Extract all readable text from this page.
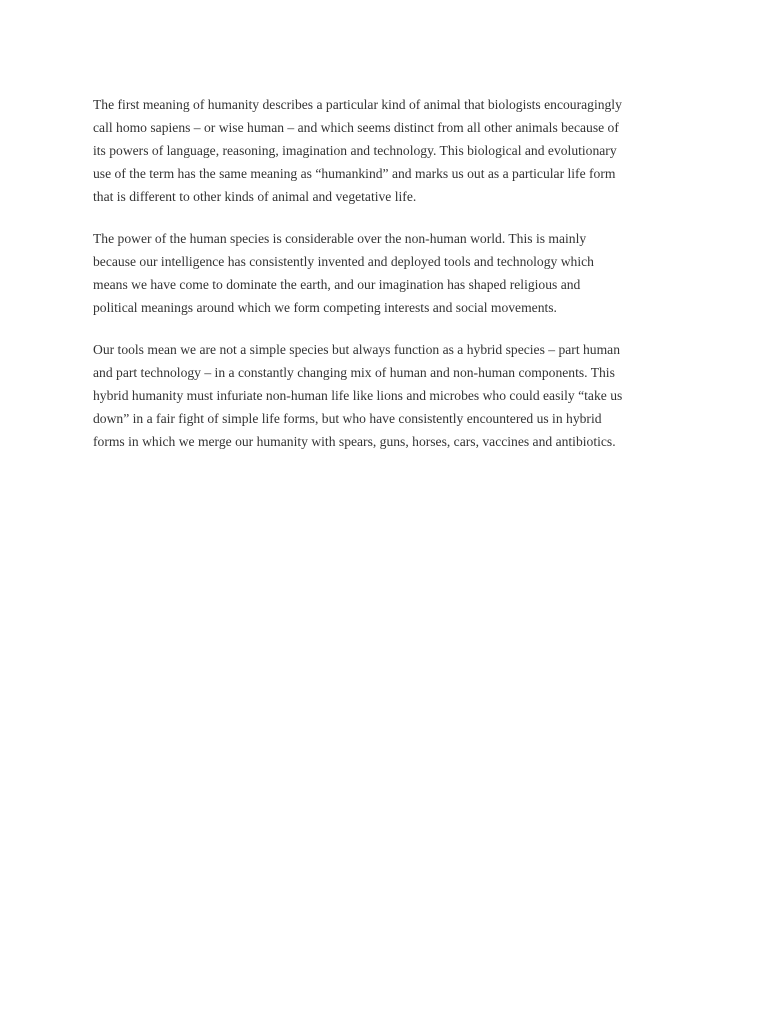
The first meaning of humanity describes a particular kind of animal that biologists encouragingly
call homo sapiens – or wise human – and which seems distinct from all other animals because of
its powers of language, reasoning, imagination and technology. This biological and evolutionary
use of the term has the same meaning as “humankind” and marks us out as a particular life form
that is different to other kinds of animal and vegetative life.

The power of the human species is considerable over the non-human world. This is mainly
because our intelligence has consistently invented and deployed tools and technology which
means we have come to dominate the earth, and our imagination has shaped religious and
political meanings around which we form competing interests and social movements.

Our tools mean we are not a simple species but always function as a hybrid species – part human
and part technology – in a constantly changing mix of human and non-human components. This
hybrid humanity must infuriate non-human life like lions and microbes who could easily “take us
down” in a fair fight of simple life forms, but who have consistently encountered us in hybrid
forms in which we merge our humanity with spears, guns, horses, cars, vaccines and antibiotics.
